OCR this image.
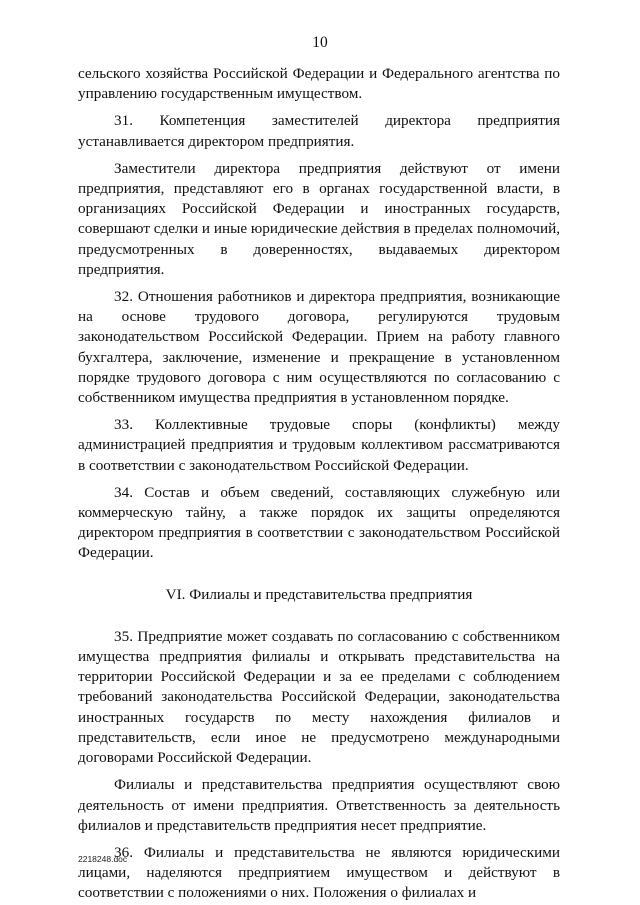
10

сельского хозяйства Российской Федерации и Федерального агентства по управлению государственным имуществом.

31. Компетенция заместителей директора предприятия устанавливается директором предприятия.

Заместители директора предприятия действуют от имени предприятия, представляют его в органах государственной власти, в организациях Российской Федерации и иностранных государств, совершают сделки и иные юридические действия в пределах полномочий, предусмотренных в доверенностях, выдаваемых директором предприятия.

32. Отношения работников и директора предприятия, возникающие на основе трудового договора, регулируются трудовым законодательством Российской Федерации. Прием на работу главного бухгалтера, заключение, изменение и прекращение в установленном порядке трудового договора с ним осуществляются по согласованию с собственником имущества предприятия в установленном порядке.

33. Коллективные трудовые споры (конфликты) между администрацией предприятия и трудовым коллективом рассматриваются в соответствии с законодательством Российской Федерации.

34. Состав и объем сведений, составляющих служебную или коммерческую тайну, а также порядок их защиты определяются директором предприятия в соответствии с законодательством Российской Федерации.

VI. Филиалы и представительства предприятия

35. Предприятие может создавать по согласованию с собственником имущества предприятия филиалы и открывать представительства на территории Российской Федерации и за ее пределами с соблюдением требований законодательства Российской Федерации, законодательства иностранных государств по месту нахождения филиалов и представительств, если иное не предусмотрено международными договорами Российской Федерации.

Филиалы и представительства предприятия осуществляют свою деятельность от имени предприятия. Ответственность за деятельность филиалов и представительств предприятия несет предприятие.

36. Филиалы и представительства не являются юридическими лицами, наделяются предприятием имуществом и действуют в соответствии с положениями о них. Положения о филиалах и

2218248.doc
